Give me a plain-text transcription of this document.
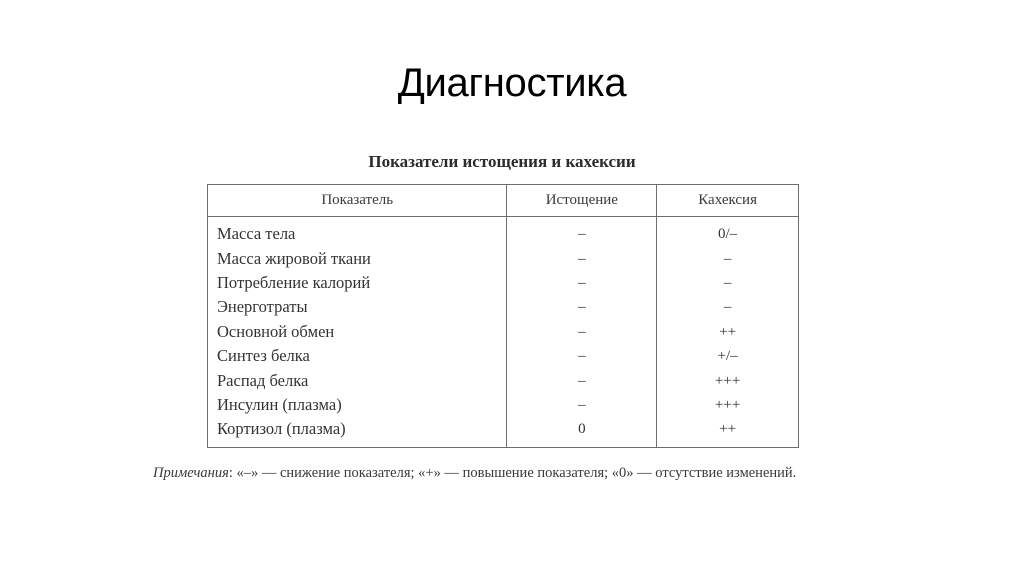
Диагностика
Показатели истощения и кахексии
Показатель	Истощение	Кахексия
Масса тела	–	0/–
Масса жировой ткани	–	–
Потребление калорий	–	–
Энерготраты	–	–
Основной обмен	–	++
Синтез белка	–	+/–
Распад белка	–	+++
Инсулин (плазма)	–	+++
Кортизол (плазма)	0	++
Примечания: «–» — снижение показателя; «+» — повышение показателя; «0» — отсутствие изменений.
